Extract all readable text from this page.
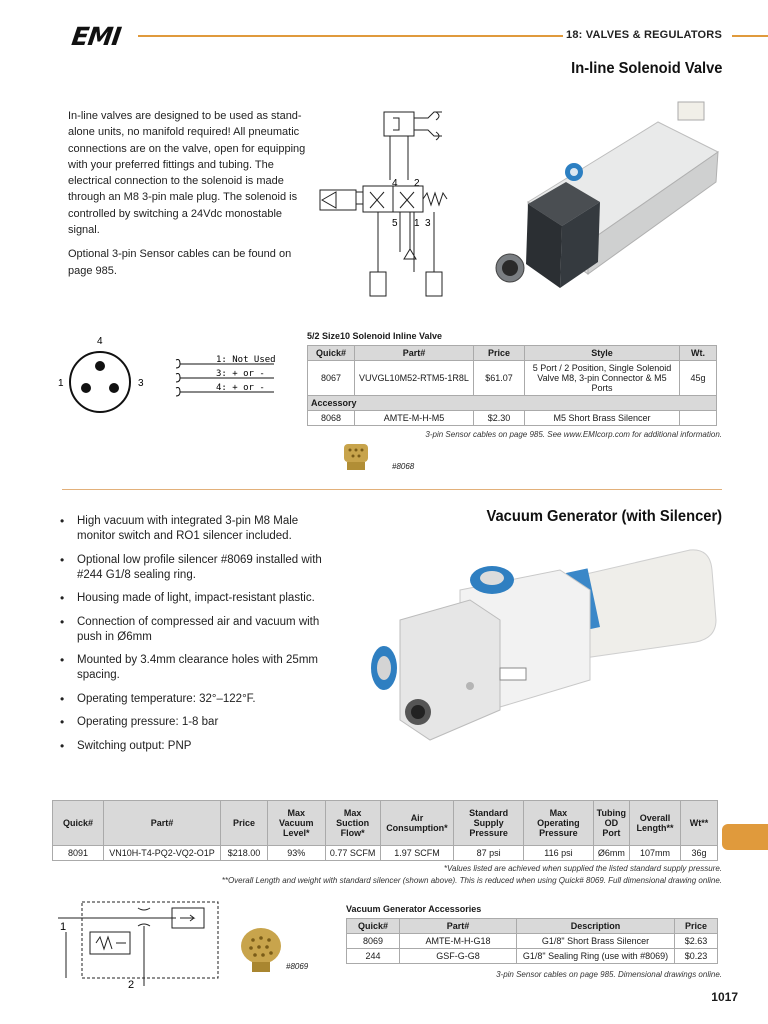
EMI	18: VALVES & REGULATORS
In-line Solenoid Valve

In-line valves are designed to be used as stand-alone units, no manifold required! All pneumatic connections are on the valve, open for equipping with your preferred fittings and tubing. The electrical connection to the solenoid is made through an M8 3-pin male plug. The solenoid is controlled by switching a 24Vdc monostable signal.

Optional 3-pin Sensor cables can be found on page 985.

4 2
5 1 3
4
1	3
1: Not Used
3: + or -
4: + or -
5/2 Size10 Solenoid Inline Valve
Quick#	Part#	Price	Style	Wt.
8067	VUVGL10M52-RTM5-1R8L	$61.07	5 Port / 2 Position, Single Solenoid
Valve M8, 3-pin Connector & M5 Ports	45g
Accessory				
8068	AMTE-M-H-M5	$2.30	M5 Short Brass Silencer	
3-pin Sensor cables on page 985. See www.EMIcorp.com for additional information.
#8068
Vacuum Generator (with Silencer)
• High vacuum with integrated 3-pin M8 Male monitor switch and RO1 silencer included.
• Optional low profile silencer #8069 installed with #244 G1/8 sealing ring.
• Housing made of light, impact-resistant plastic.
• Connection of compressed air and vacuum with push in Ø6mm
• Mounted by 3.4mm clearance holes with 25mm spacing.
• Operating temperature: 32°–122°F.
• Operating pressure: 1-8 bar
• Switching output: PNP
Quick#	Part#	Price	Max Vacuum Level*	Max Suction Flow*	Air Consumption*	Standard Supply Pressure	Max Operating Pressure	Tubing OD Port	Overall Length**	Wt**
8091	VN10H-T4-PQ2-VQ2-O1P	$218.00	93%	0.77 SCFM	1.97 SCFM	87 psi	116 psi	Ø6mm	107mm	36g
*Values listed are achieved when supplied the listed standard supply pressure.
**Overall Length and weight with standard silencer (shown above). This is reduced when using Quick# 8069. Full dimensional drawing online.
1
2
#8069
Vacuum Generator Accessories
Quick#	Part#	Description	Price
8069	AMTE-M-H-G18	G1/8" Short Brass Silencer	$2.63
244	GSF-G-G8	G1/8" Sealing Ring (use with #8069)	$0.23
3-pin Sensor cables on page 985. Dimensional drawings online.
1017
